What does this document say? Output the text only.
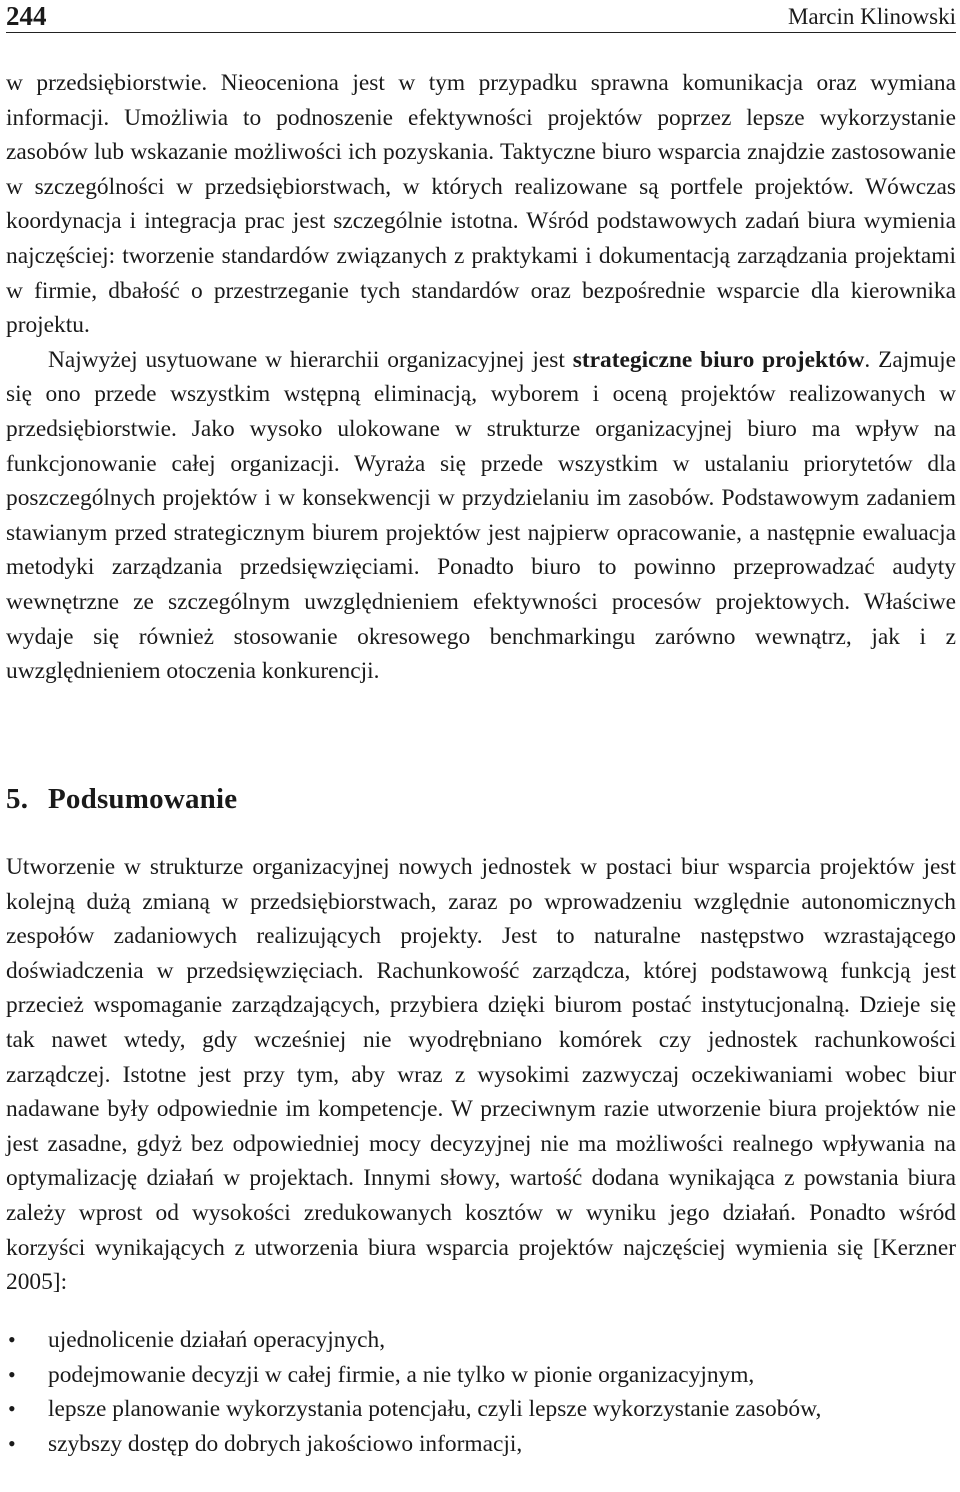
244	Marcin Klinowski

w przedsiębiorstwie. Nieoceniona jest w tym przypadku sprawna komunikacja oraz wymiana informacji. Umożliwia to podnoszenie efektywności projektów poprzez lepsze wykorzystanie zasobów lub wskazanie możliwości ich pozyskania. Taktyczne biuro wsparcia znajdzie zastosowanie w szczególności w przedsiębiorstwach, w których realizowane są portfele projektów. Wówczas koordynacja i integracja prac jest szczególnie istotna. Wśród podstawowych zadań biura wymienia najczęściej: tworzenie standardów związanych z praktykami i dokumentacją zarządzania projektami w firmie, dbałość o przestrzeganie tych standardów oraz bezpośrednie wsparcie dla kierownika projektu.

Najwyżej usytuowane w hierarchii organizacyjnej jest strategiczne biuro projektów. Zajmuje się ono przede wszystkim wstępną eliminacją, wyborem i oceną projektów realizowanych w przedsiębiorstwie. Jako wysoko ulokowane w strukturze organizacyjnej biuro ma wpływ na funkcjonowanie całej organizacji. Wyraża się przede wszystkim w ustalaniu priorytetów dla poszczególnych projektów i w konsekwencji w przydzielaniu im zasobów. Podstawowym zadaniem stawianym przed strategicznym biurem projektów jest najpierw opracowanie, a następnie ewaluacja metodyki zarządzania przedsięwzięciami. Ponadto biuro to powinno przeprowadzać audyty wewnętrzne ze szczególnym uwzględnieniem efektywności procesów projektowych. Właściwe wydaje się również stosowanie okresowego benchmarkingu zarówno wewnątrz, jak i z uwzględnieniem otoczenia konkurencji.

5. Podsumowanie

Utworzenie w strukturze organizacyjnej nowych jednostek w postaci biur wsparcia projektów jest kolejną dużą zmianą w przedsiębiorstwach, zaraz po wprowadzeniu względnie autonomicznych zespołów zadaniowych realizujących projekty. Jest to naturalne następstwo wzrastającego doświadczenia w przedsięwzięciach. Rachunkowość zarządcza, której podstawową funkcją jest przecież wspomaganie zarządzających, przybiera dzięki biurom postać instytucjonalną. Dzieje się tak nawet wtedy, gdy wcześniej nie wyodrębniano komórek czy jednostek rachunkowości zarządczej. Istotne jest przy tym, aby wraz z wysokimi zazwyczaj oczekiwaniami wobec biur nadawane były odpowiednie im kompetencje. W przeciwnym razie utworzenie biura projektów nie jest zasadne, gdyż bez odpowiedniej mocy decyzyjnej nie ma możliwości realnego wpływania na optymalizację działań w projektach. Innymi słowy, wartość dodana wynikająca z powstania biura zależy wprost od wysokości zredukowanych kosztów w wyniku jego działań. Ponadto wśród korzyści wynikających z utworzenia biura wsparcia projektów najczęściej wymienia się [Kerzner 2005]:

• ujednolicenie działań operacyjnych,
• podejmowanie decyzji w całej firmie, a nie tylko w pionie organizacyjnym,
• lepsze planowanie wykorzystania potencjału, czyli lepsze wykorzystanie zasobów,
• szybszy dostęp do dobrych jakościowo informacji,
